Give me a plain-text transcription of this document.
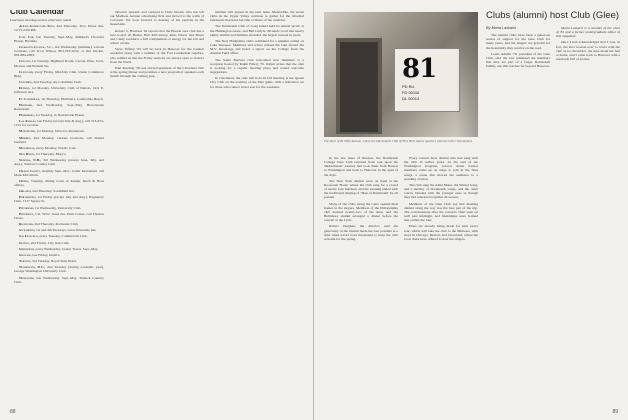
Club Calendar
Luncheon meetings unless otherwise noted.

Albany-Schenectady-Troy, 2nd Thursday, Troy Motor Inn, 12:15-2:00 PM.

Cape Cod, last Tuesday, Sept.-May, Mildred's Chowder House, Hyannis.

Charlotte-Coastal, S.C., last Wednesday (summer), various locations, call Scott Wilson, 803-793-5052, or Jim Decker, 803-884-2993.

Chicago, 1st Tuesday, Highland Room, Carson, Pirie, Scott, Monroe and Wabash Sts.

Cleveland, every Friday, Mid-Day Club, Union Commerce Bldg.

Columbus, 2nd Tuesday, the Columbus Club.

Detroit, 1st Monday, University Club of Detroit, 1411 E. Jefferson Ave.

Ft. Lauderdale, 1st Thursday, Heilman's, Lauderdale Beach.

Hartford, 2nd Wednesday, Sept.-May, Brownstone Restaurant.

Harrisburg, 1st Tuesday, in Nationwide House.

Los Angeles, last Friday (except July & Aug.), call 213-974-1155 for location.

Manchester, 1st Monday, DeSoto's Restaurant.

Meriden, 2nd Monday, various locations, call Daniel Garfield.

Monadnock, every Monday, Nordic Cafe.

New Haven, 1st Thursday, Mory's.

Norfolk, N.H., 3rd Wednesday (except June, July, and Aug.), Stanton Country Club.

Orange County, monthly Sept.-Mar., Cellar Restaurant, call Mark McCallum.

Oneida, Tuesday, dining room of Kunak, Kuch & Hoar offices.

Orlando, 2nd Thursday, Southfield Inn.

Philadelphia, 1st Friday (except July and Aug.), Engineers' Club, 1317 Spruce St.

Pittsburgh, 1st Wednesday, University Club.

Providence, Cal. Wow: Jesus Jan. Dam Corner, call Thomas Chase.

Rochester, 2nd Thursday, Rochester Club.

Sacramento, 1st and 4th Tuesdays, Grew Riverside Inn.

San Francisco, every Tuesday, Commercial Club.

Seattle, 2nd Friday, City Oak Club.

Springfield, every Wednesday, Center Tower, Sept.-May.

Syracuse, last Friday, Justin's.

Toronto, 3rd Tuesday, Royal York Hotel.

Washington, D.C., 2nd Tuesday (during academic year), George Washington University Club.

Worcester, last Wednesday, Sept.-May, Tatnuck Country Club.

Onward, upward, and outward is Chris Sewell, who has left our Madison Avenue advertising firm and moved to the wilds of Colorado. We look forward to hearing of his exploits in the mountains.

Robert S. Harrison '62 reports that the Boston area club has a new board: Al Beebe, Bob McCartney, Russ Owen, and Bruce and Cindy Goddard, a full complement of energy for the fall and winter events.

Steve Tiffany '63 will be back in Hanover for the reunion weekend along with a number of the Fort Lauderdale regulars, who remind us that the Friday sessions are always open to visitors from the North.

Paul Reading '58 was elected president of the Cleveland club at the spring dinner and promises a new program of speakers each month through the coming year.

summer will appear in the next issue. Meanwhile, the seven clubs in the Upper Valley continue to gather for the informal luncheons that have become a fixture of the calendar.

The Dartmouth Club of Long Island held its annual picnic at the Huntington estate, and Bill Carlyle '48 sends word that nearly eighty alumni and families attended, the largest turnout in years.

The New Hampshire clubs combined for a summer outing on Lake Sunapee. Members and wives cruised the lake aboard the M.V. Kearsarge and heard a report on the College from the Alumni Fund office.

The Santa Barbara club welcomed new members at a reception hosted by Ralph Emery '55. Ralph writes that the club is looking for a regular meeting place and would welcome suggestions.

In Cincinnati, the club will hold its fall meeting at the Queen City Club on the evening of the Yale game, with a television set for those who cannot travel east for the weekend.

88
81
PD Rd.
FD 00110
DL 00014
The door of 81 Fifth Avenue, where the Dartmouth Club of New York shares quarters with the Glee Club alumni.
Clubs (alumni) host Club (Glee)

In the last issue of Illusion, the Dartmouth College Glee Club returned from tour upon the 'midsemester' journey that took them from Boston to Washington and back to Hanover in the span of ten days.

The New York alumni were on hand at the Roosevelt Hotel, where the club sang for a crowd of nearly four hundred, and the evening ended with the traditional singing of 'Men of Dartmouth' by all present.

Many of the clubs along the route opened their homes to the singers. Members of the Philadelphia club housed twenty-two of the men, and the Baltimore alumni arranged a dinner before the concert at the Lyric.

Robert Vaughan, the director, said the generosity of the alumni made the tour possible at a time when travel costs threatened to keep the club at home for the spring.

Every concert drew alumni who had sung with the club in earlier years. At the end of the Washington program, several dozen former members came up on stage to join in the final songs, a scene that moved the audience to a standing ovation.

The club sang the Alma Mater, the Winter Song, and a medley of Dartmouth songs, and the older voices blended with the younger ones as though they had rehearsed together all season.

Members of the Glee Club say that meeting alumni along the way was the best part of the trip. The conversations after the concerts often went on well past midnight, and friendships were formed that outlast the tour.

Plans are already being made for next year's tour, which will take the club to the Midwest, with stops in Chicago, Detroit, and Cleveland, where the local clubs have offered to host the singers.

By Maria Laskaris

The alumni clubs have been a generous source of support for the Glee Club for many years, and the singers are grateful for the hospitality they receive on the road.

Lewis Adams '70, president of the Glee Club, said the tour reminded the members that they are part of a larger Dartmouth family, one that reaches far beyond Hanover.

Maria Laskaris is a member of the class of '81 and a former undergraduate editor of this magazine.

Once I had acknowledged that I was, in fact, the first woman ever to travel with the club as its chronicler, the men made me feel at home, and I came back to Hanover with a notebook full of stories.

89
